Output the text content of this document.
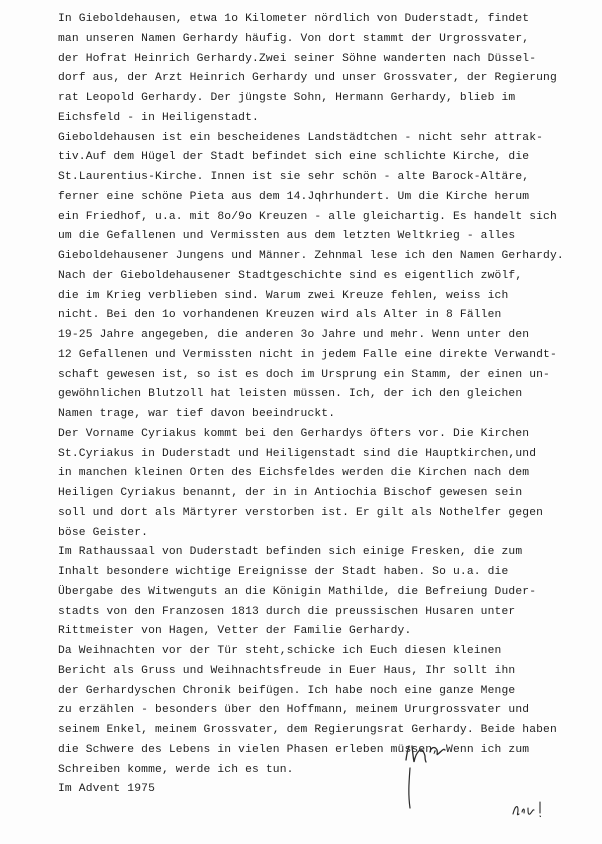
In Gieboldehausen, etwa 1o Kilometer nördlich von Duderstadt, findet
man unseren Namen Gerhardy häufig. Von dort stammt der Urgrossvater,
der Hofrat Heinrich Gerhardy.Zwei seiner Söhne wanderten nach Düssel-
dorf aus, der Arzt Heinrich Gerhardy und unser Grossvater, der Regierung
rat Leopold Gerhardy. Der jüngste Sohn, Hermann Gerhardy, blieb im
Eichsfeld - in Heiligenstadt.
Gieboldehausen ist ein bescheidenes Landstädtchen - nicht sehr attrak-
tiv.Auf dem Hügel der Stadt befindet sich eine schlichte Kirche, die
St.Laurentius-Kirche. Innen ist sie sehr schön - alte Barock-Altäre,
ferner eine schöne Pieta aus dem 14.Jqhrhundert. Um die Kirche herum
ein Friedhof, u.a. mit 8o/9o Kreuzen - alle gleichartig. Es handelt sich
um die Gefallenen und Vermissten aus dem letzten Weltkrieg - alles
Gieboldehausener Jungens und Männer. Zehnmal lese ich den Namen Gerhardy.
Nach der Gieboldehausener Stadtgeschichte sind es eigentlich zwölf,
die im Krieg verblieben sind. Warum zwei Kreuze fehlen, weiss ich
nicht. Bei den 1o vorhandenen Kreuzen wird als Alter in 8 Fällen
19-25 Jahre angegeben, die anderen 3o Jahre und mehr. Wenn unter den
12 Gefallenen und Vermissten nicht in jedem Falle eine direkte Verwandt-
schaft gewesen ist, so ist es doch im Ursprung ein Stamm, der einen un-
gewöhnlichen Blutzoll hat leisten müssen. Ich, der ich den gleichen
Namen trage, war tief davon beeindruckt.
Der Vorname Cyriakus kommt bei den Gerhardys öfters vor. Die Kirchen
St.Cyriakus in Duderstadt und Heiligenstadt sind die Hauptkirchen,und
in manchen kleinen Orten des Eichsfeldes werden die Kirchen nach dem
Heiligen Cyriakus benannt, der in in Antiochia Bischof gewesen sein
soll und dort als Märtyrer verstorben ist. Er gilt als Nothelfer gegen
böse Geister.
Im Rathaussaal von Duderstadt befinden sich einige Fresken, die zum
Inhalt besondere wichtige Ereignisse der Stadt haben. So u.a. die
Übergabe des Witwenguts an die Königin Mathilde, die Befreiung Duder-
stadts von den Franzosen 1813 durch die preussischen Husaren unter
Rittmeister von Hagen, Vetter der Familie Gerhardy.
Da Weihnachten vor der Tür steht,schicke ich Euch diesen kleinen
Bericht als Gruss und Weihnachtsfreude in Euer Haus, Ihr sollt ihn
der Gerhardyschen Chronik beifügen. Ich habe noch eine ganze Menge
zu erzählen - besonders über den Hoffmann, meinem Ururgrossvater und
seinem Enkel, meinem Grossvater, dem Regierungsrat Gerhardy. Beide haben
die Schwere des Lebens in vielen Phasen erleben müssen, Wenn ich zum
Schreiben komme, werde ich es tun.
Im Advent 1975
